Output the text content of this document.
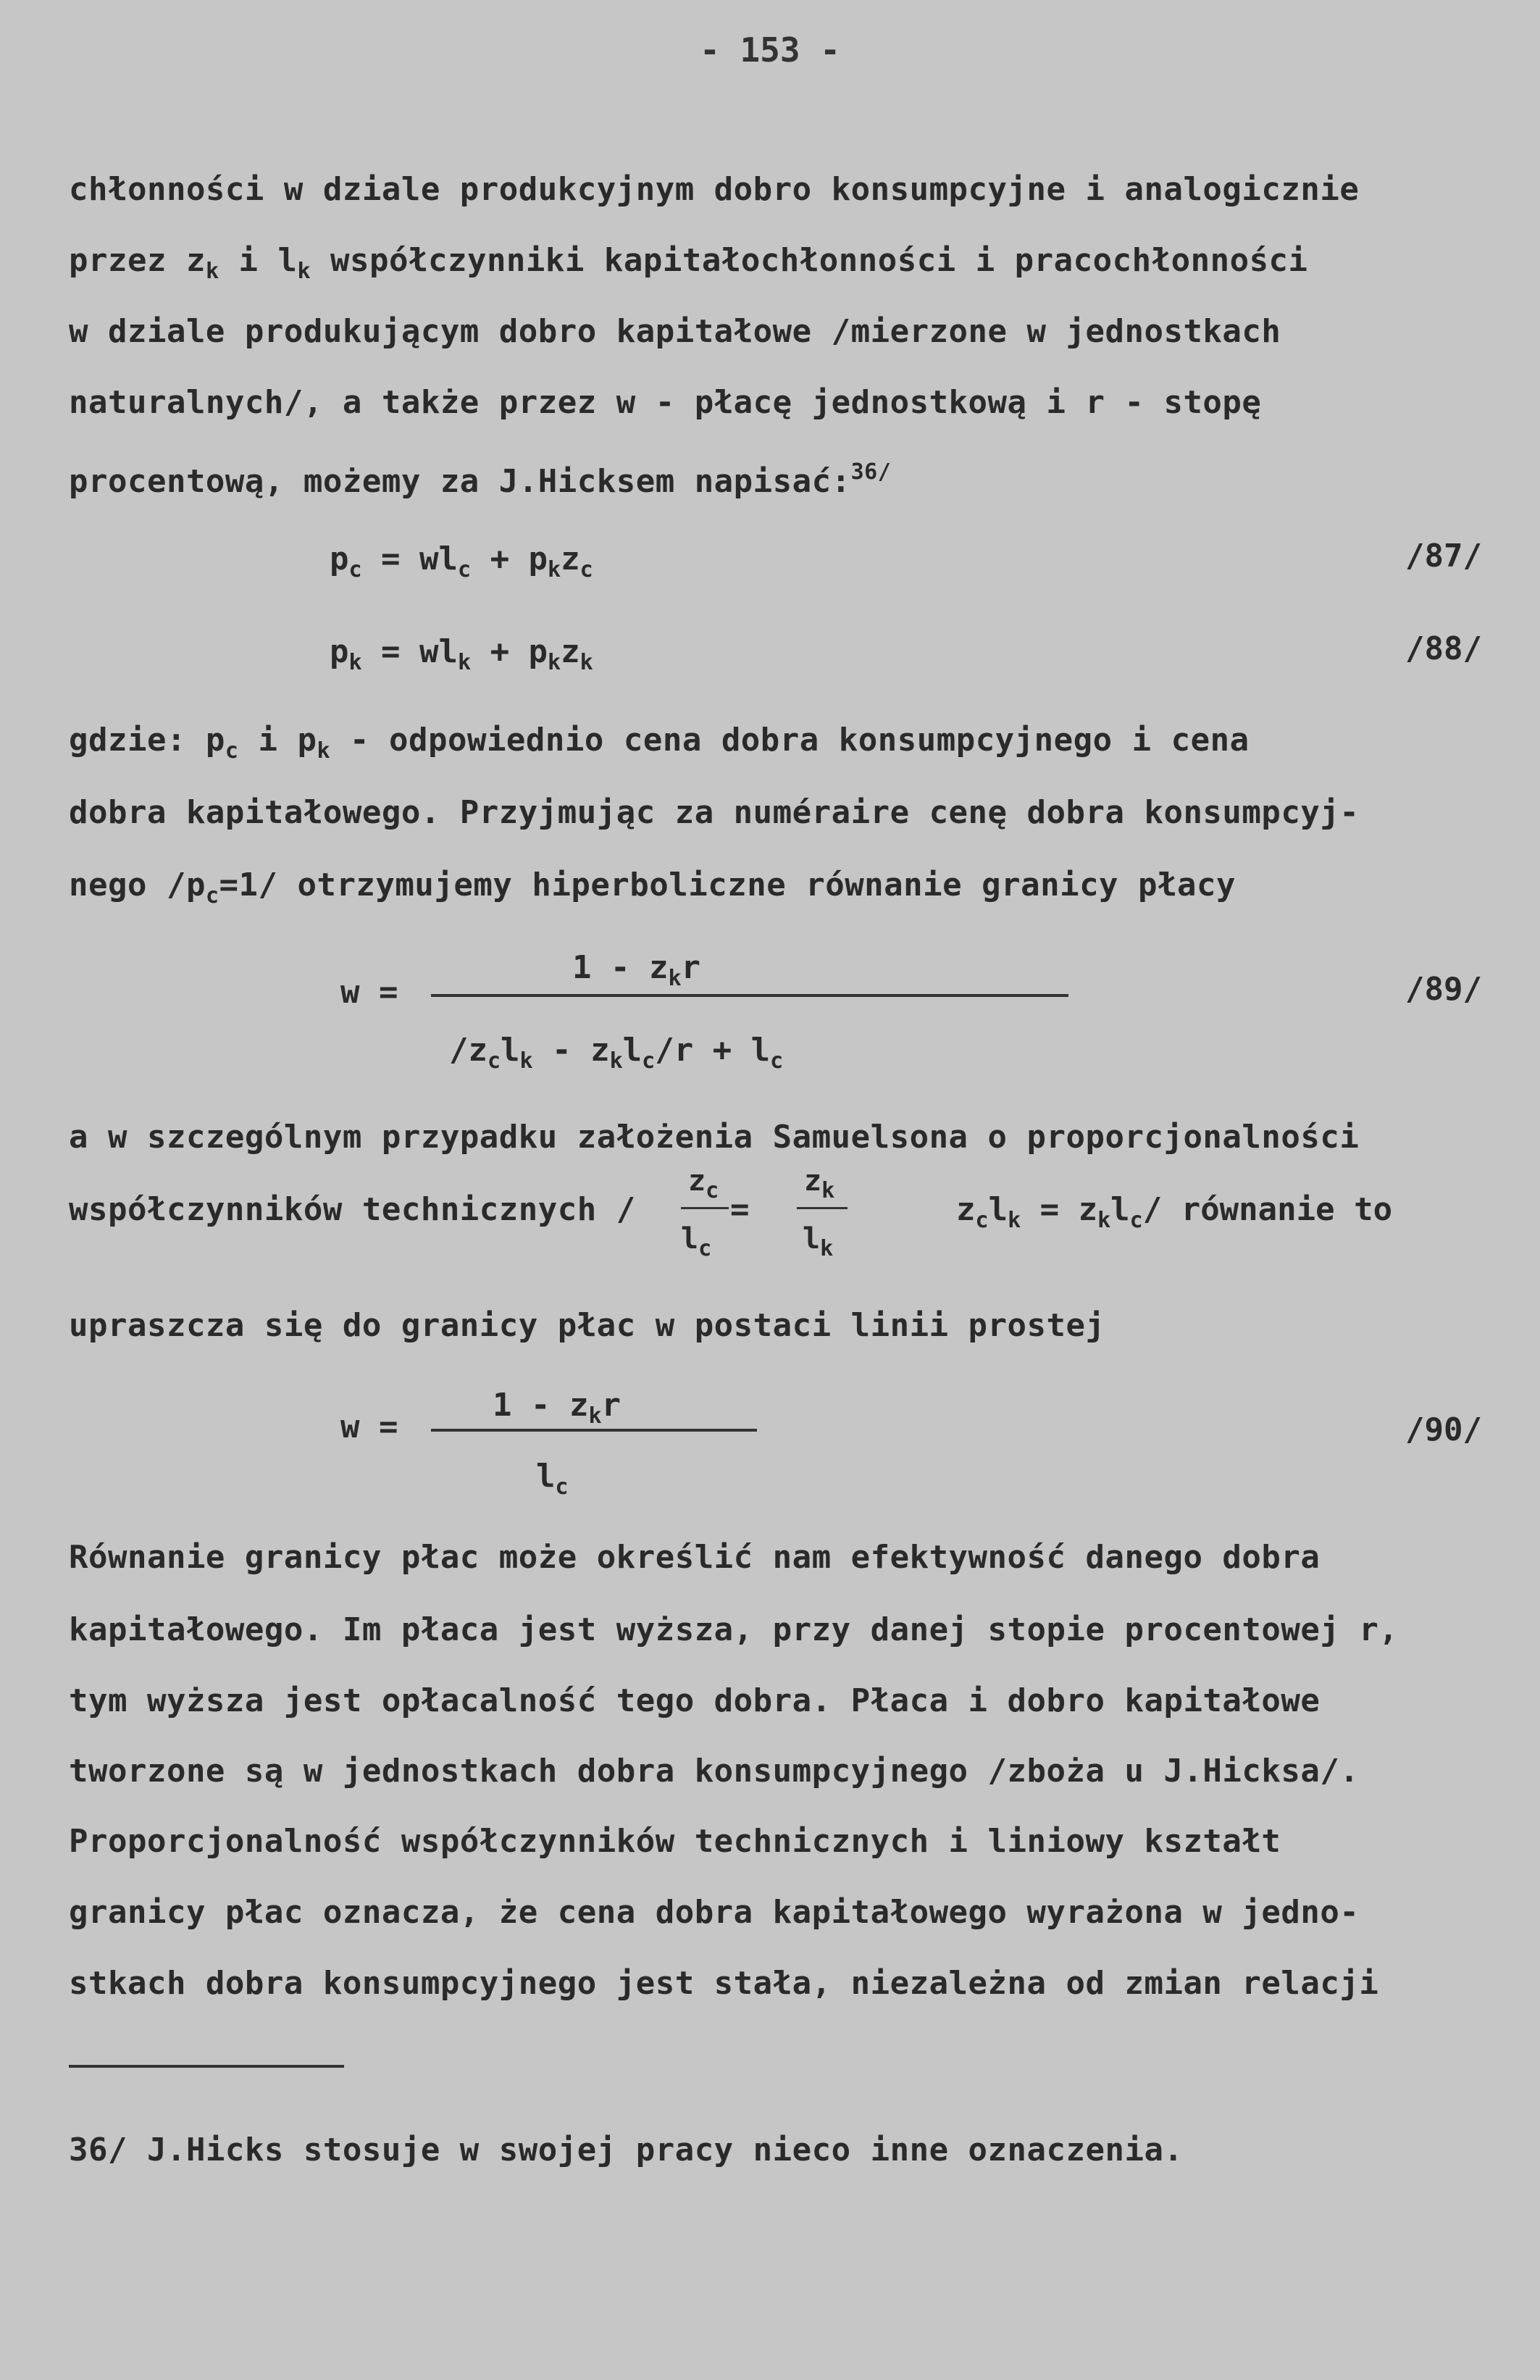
- 153 -
chłonności w dziale produkcyjnym dobro konsumpcyjne i analogicznie
przez $z_k$ i $l_k$ współczynniki kapitałochłonności i pracochłonności
w dziale produkującym dobro kapitałowe /mierzone w jednostkach
naturalnych/, a także przez w - płacę jednostkową i r - stopę
procentową, możemy za J.Hicksem napisać:$^{36/}$
$p_c = wl_c + p_kz_c$	/87/
$p_k = wl_k + p_kz_k$	/88/
gdzie: $p_c$ i $p_k$ - odpowiednio cena dobra konsumpcyjnego i cena
dobra kapitałowego. Przyjmując za numéraire cenę dobra konsumpcyj-
nego $/p_c=1/$ otrzymujemy hiperboliczne równanie granicy płacy
w =
$1 - z_kr$
$/z_cl_k - z_kl_c/r + l_c$
/89/
a w szczególnym przypadku założenia Samuelsona o proporcjonalności
współczynników technicznych /
$z_c$
$l_c$
=
$z_k$
$l_k$
$z_cl_k = z_kl_c/$ równanie to
upraszcza się do granicy płac w postaci linii prostej
w =
$1 - z_kr$
$l_c$
/90/
Równanie granicy płac może określić nam efektywność danego dobra
kapitałowego. Im płaca jest wyższa, przy danej stopie procentowej r,
tym wyższa jest opłacalność tego dobra. Płaca i dobro kapitałowe
tworzone są w jednostkach dobra konsumpcyjnego /zboża u J.Hicksa/.
Proporcjonalność współczynników technicznych i liniowy kształt
granicy płac oznacza, że cena dobra kapitałowego wyrażona w jedno-
stkach dobra konsumpcyjnego jest stała, niezależna od zmian relacji
36/ J.Hicks stosuje w swojej pracy nieco inne oznaczenia.
